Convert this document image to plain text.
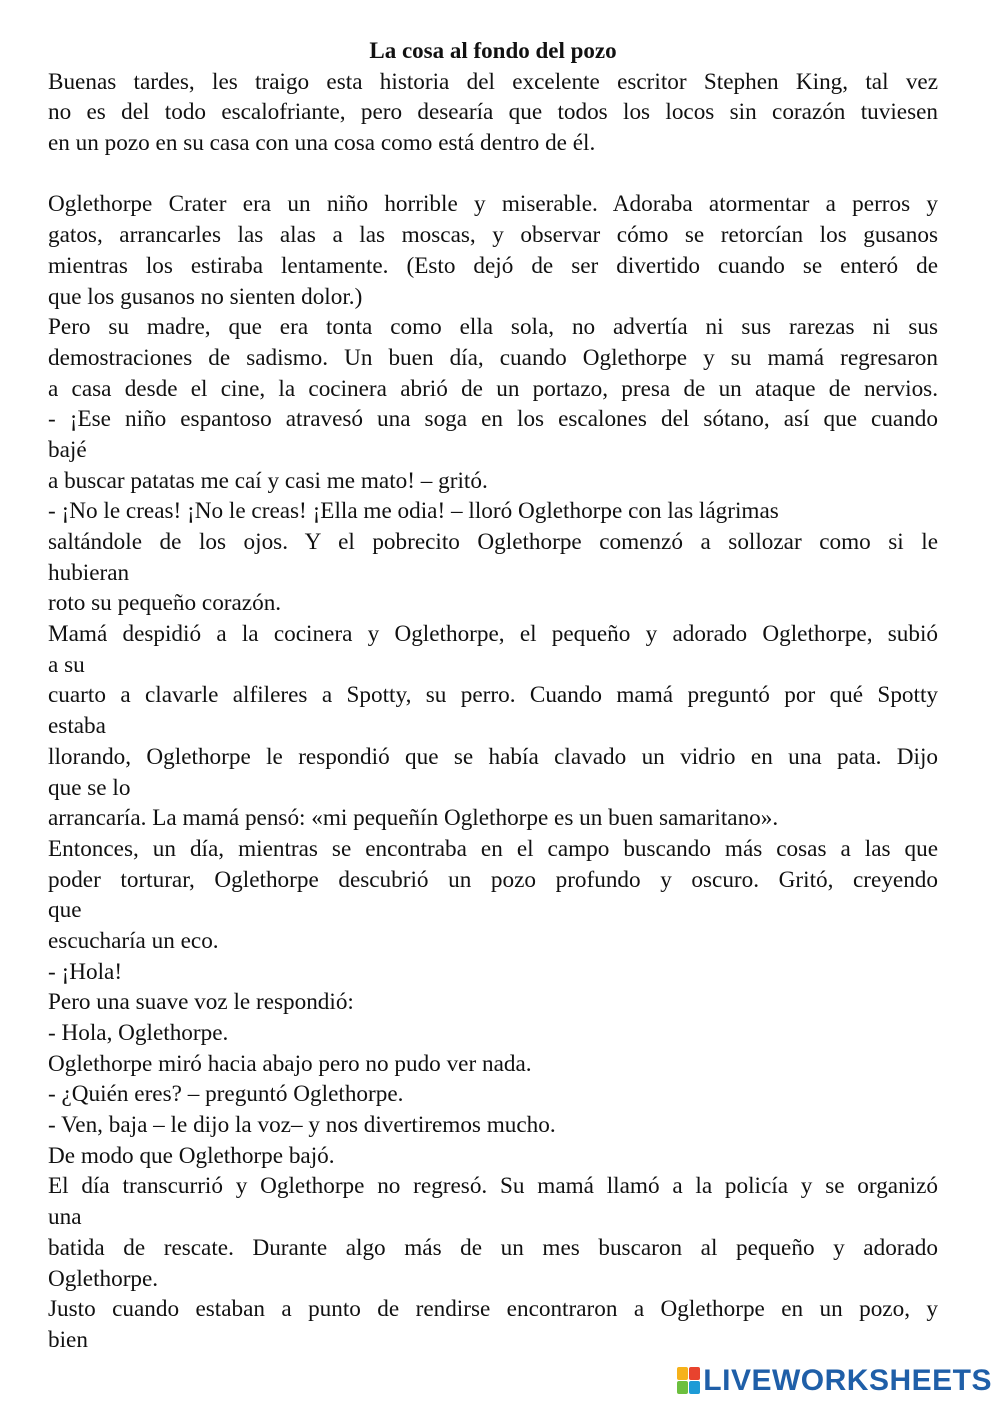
La cosa al fondo del pozo
Buenas tardes, les traigo esta historia del excelente escritor Stephen King, tal vez
no es del todo escalofriante, pero desearía que todos los locos sin corazón tuviesen
en un pozo en su casa con una cosa como está dentro de él.
Oglethorpe Crater era un niño horrible y miserable. Adoraba atormentar a perros y
gatos, arrancarles las alas a las moscas, y observar cómo se retorcían los gusanos
mientras los estiraba lentamente. (Esto dejó de ser divertido cuando se enteró de
que los gusanos no sienten dolor.)
Pero su madre, que era tonta como ella sola, no advertía ni sus rarezas ni sus
demostraciones de sadismo. Un buen día, cuando Oglethorpe y su mamá regresaron
a casa desde el cine, la cocinera abrió de un portazo, presa de un ataque de nervios.
- ¡Ese niño espantoso atravesó una soga en los escalones del sótano, así que cuando
bajé
a buscar patatas me caí y casi me mato! – gritó.
- ¡No le creas! ¡No le creas! ¡Ella me odia! – lloró Oglethorpe con las lágrimas
saltándole de los ojos. Y el pobrecito Oglethorpe comenzó a sollozar como si le
hubieran
roto su pequeño corazón.
Mamá despidió a la cocinera y Oglethorpe, el pequeño y adorado Oglethorpe, subió
a su
cuarto a clavarle alfileres a Spotty, su perro. Cuando mamá preguntó por qué Spotty
estaba
llorando, Oglethorpe le respondió que se había clavado un vidrio en una pata. Dijo
que se lo
arrancaría. La mamá pensó: «mi pequeñín Oglethorpe es un buen samaritano».
Entonces, un día, mientras se encontraba en el campo buscando más cosas a las que
poder torturar, Oglethorpe descubrió un pozo profundo y oscuro. Gritó, creyendo
que
escucharía un eco.
- ¡Hola!
Pero una suave voz le respondió:
- Hola, Oglethorpe.
Oglethorpe miró hacia abajo pero no pudo ver nada.
- ¿Quién eres? – preguntó Oglethorpe.
- Ven, baja – le dijo la voz– y nos divertiremos mucho.
De modo que Oglethorpe bajó.
El día transcurrió y Oglethorpe no regresó. Su mamá llamó a la policía y se organizó
una
batida de rescate. Durante algo más de un mes buscaron al pequeño y adorado
Oglethorpe.
Justo cuando estaban a punto de rendirse encontraron a Oglethorpe en un pozo, y
bien
LIVEWORKSHEETS
